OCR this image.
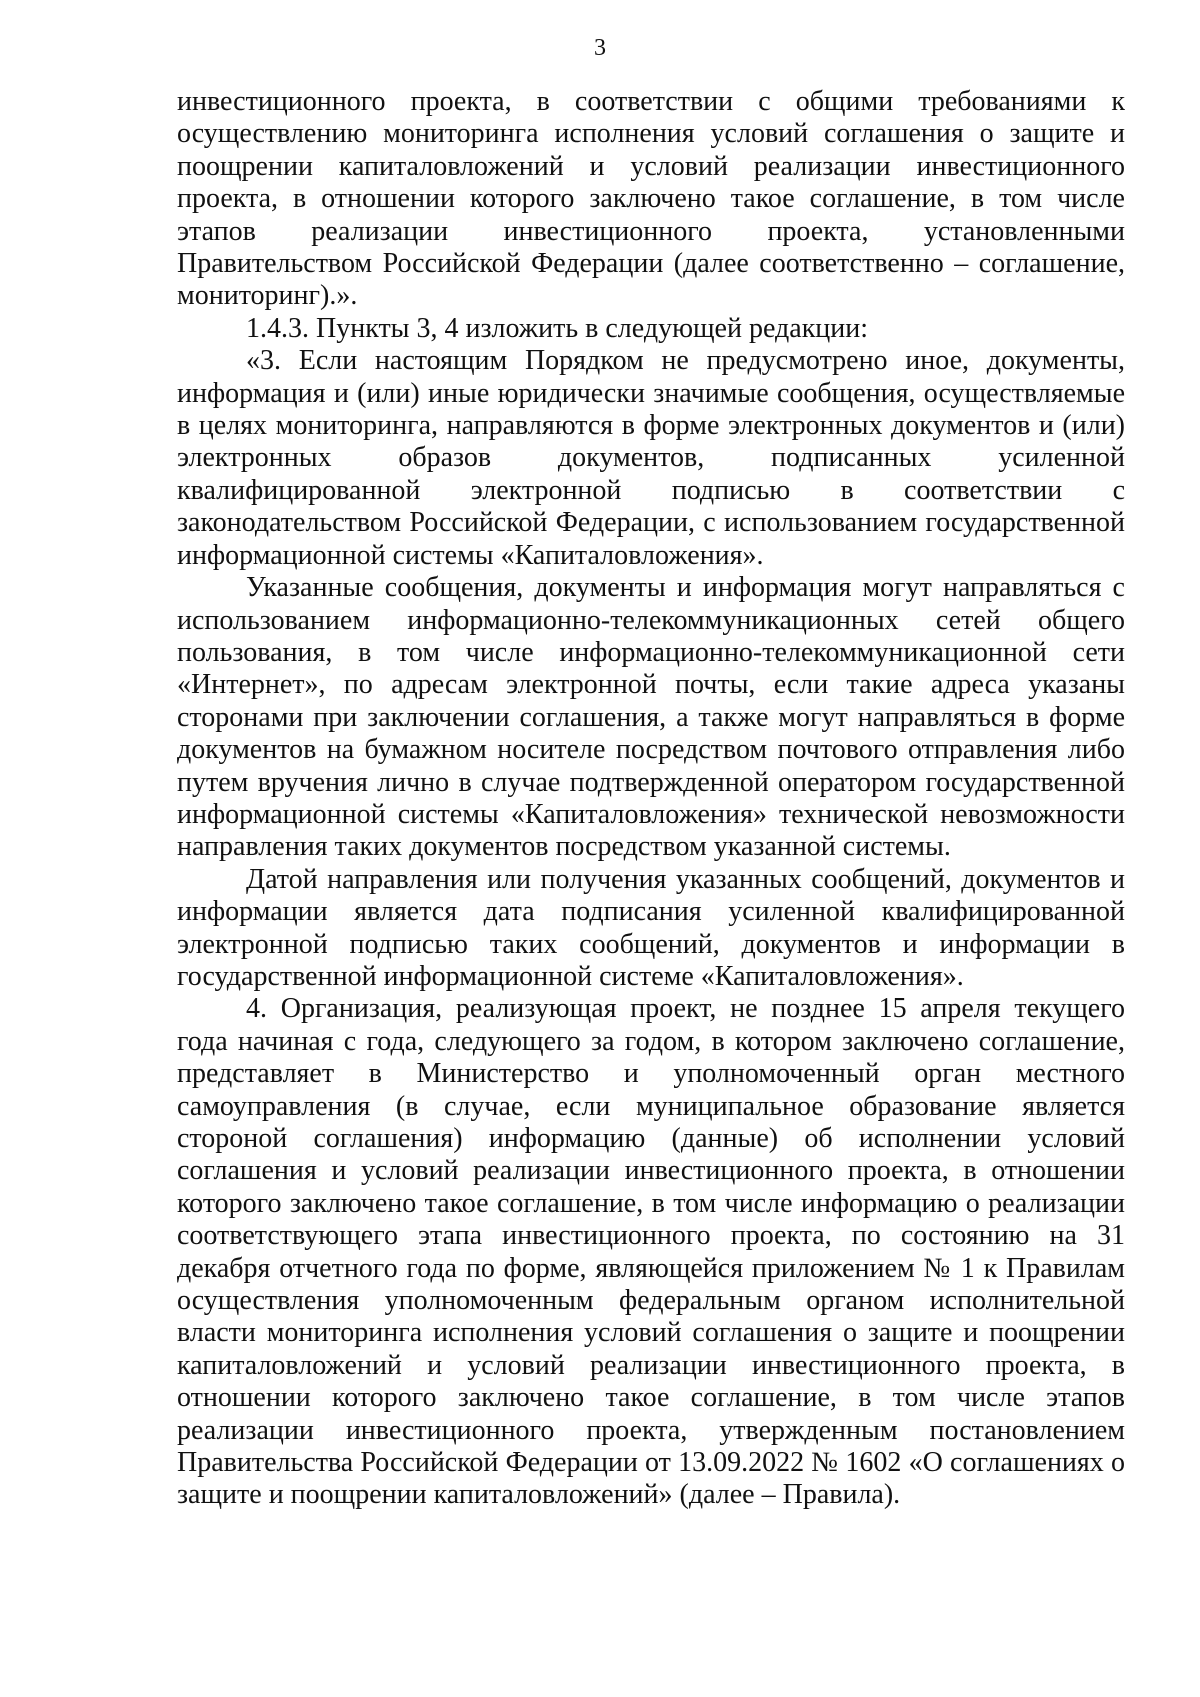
3

инвестиционного проекта, в соответствии с общими требованиями к осуществлению мониторинга исполнения условий соглашения о защите и поощрении капиталовложений и условий реализации инвестиционного проекта, в отношении которого заключено такое соглашение, в том числе этапов реализации инвестиционного проекта, установленными Правительством Российской Федерации (далее соответственно – соглашение, мониторинг).».

1.4.3. Пункты 3, 4 изложить в следующей редакции:

«3. Если настоящим Порядком не предусмотрено иное, документы, информация и (или) иные юридически значимые сообщения, осуществляемые в целях мониторинга, направляются в форме электронных документов и (или) электронных образов документов, подписанных усиленной квалифицированной электронной подписью в соответствии с законодательством Российской Федерации, с использованием государственной информационной системы «Капиталовложения».

Указанные сообщения, документы и информация могут направляться с использованием информационно-телекоммуникационных сетей общего пользования, в том числе информационно-телекоммуникационной сети «Интернет», по адресам электронной почты, если такие адреса указаны сторонами при заключении соглашения, а также могут направляться в форме документов на бумажном носителе посредством почтового отправления либо путем вручения лично в случае подтвержденной оператором государственной информационной системы «Капиталовложения» технической невозможности направления таких документов посредством указанной системы.

Датой направления или получения указанных сообщений, документов и информации является дата подписания усиленной квалифицированной электронной подписью таких сообщений, документов и информации в государственной информационной системе «Капиталовложения».

4. Организация, реализующая проект, не позднее 15 апреля текущего года начиная с года, следующего за годом, в котором заключено соглашение, представляет в Министерство и уполномоченный орган местного самоуправления (в случае, если муниципальное образование является стороной соглашения) информацию (данные) об исполнении условий соглашения и условий реализации инвестиционного проекта, в отношении которого заключено такое соглашение, в том числе информацию о реализации соответствующего этапа инвестиционного проекта, по состоянию на 31 декабря отчетного года по форме, являющейся приложением № 1 к Правилам осуществления уполномоченным федеральным органом исполнительной власти мониторинга исполнения условий соглашения о защите и поощрении капиталовложений и условий реализации инвестиционного проекта, в отношении которого заключено такое соглашение, в том числе этапов реализации инвестиционного проекта, утвержденным постановлением Правительства Российской Федерации от 13.09.2022 № 1602 «О соглашениях о защите и поощрении капиталовложений» (далее – Правила).
